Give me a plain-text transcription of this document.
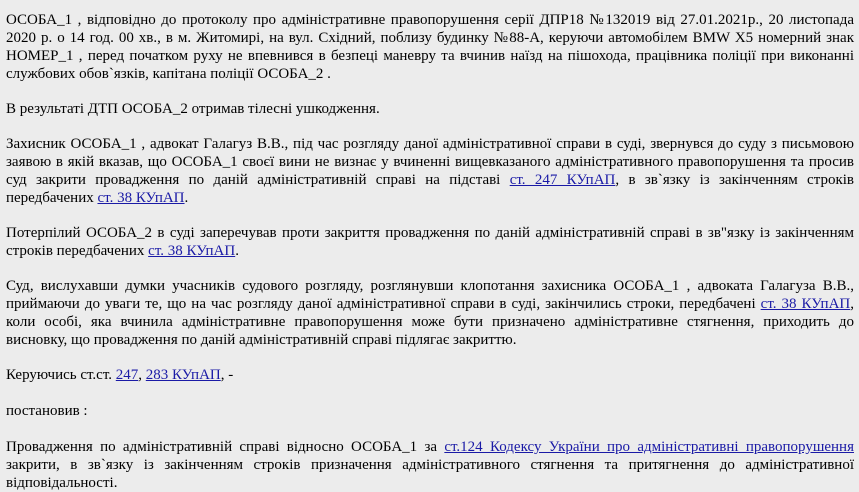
ОСОБА_1 , відповідно до протоколу про адміністративне правопорушення серії ДПР18 №132019 від 27.01.2021р., 20 листопада 2020 р. о 14 год. 00 хв., в м. Житомирі, на вул. Східний, поблизу будинку №88-А, керуючи автомобілем BMW X5 номерний знак НОМЕР_1 , перед початком руху не впевнився в безпеці маневру та вчинив наїзд на пішохода, працівника поліції при виконанні службових обов`язків, капітана поліції ОСОБА_2 .

В результаті ДТП ОСОБА_2 отримав тілесні ушкодження.

Захисник ОСОБА_1 , адвокат Галагуз В.В., під час розгляду даної адміністративної справи в суді, звернувся до суду з письмовою заявою в якій вказав, що ОСОБА_1 своєї вини не визнає у вчиненні вищевказаного адміністративного правопорушення та просив суд закрити провадження по даній адміністративній справі на підставі ст. 247 КУпАП, в зв`язку із закінченням строків передбачених ст. 38 КУпАП.

Потерпілий ОСОБА_2 в суді заперечував проти закриття провадження по даній адміністративній справі в зв"язку із закінченням строків передбачених ст. 38 КУпАП.

Суд, вислухавши думки учасників судового розгляду, розглянувши клопотання захисника ОСОБА_1 , адвоката Галагуза В.В., приймаючи до уваги те, що на час розгляду даної адміністративної справи в суді, закінчились строки, передбачені ст. 38 КУпАП, коли особі, яка вчинила адміністративне правопорушення може бути призначено адміністративне стягнення, приходить до висновку, що провадження по даній адміністративній справі підлягає закриттю.

Керуючись ст.ст. 247, 283 КУпАП, -

постановив :

Провадження по адміністративній справі відносно ОСОБА_1 за ст.124 Кодексу України про адміністративні правопорушення закрити, в зв`язку із закінченням строків призначення адміністративного стягнення та притягнення до адміністративної відповідальності.
